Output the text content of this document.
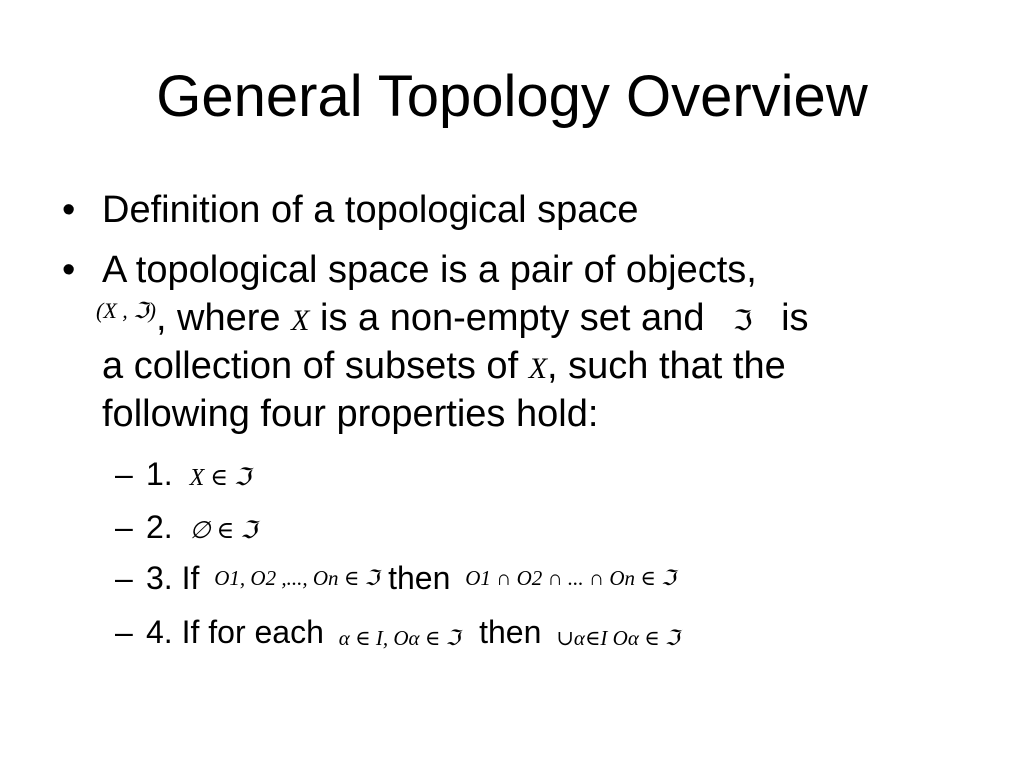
General Topology Overview
• Definition of a topological space
• A topological space is a pair of objects,
$^{(X , ℑ)}$, where X is a non-empty set and ℑ is
a collection of subsets of X, such that the
following four properties hold:
– 1. X ∈ ℑ
– 2. ∅ ∈ ℑ
– 3. If O1, O2 ,..., On ∈ ℑ then O1 ∩ O2 ∩ ... ∩ On ∈ ℑ
– 4. If for each α ∈ I, Oα ∈ ℑ then ∪α∈I Oα ∈ ℑ
